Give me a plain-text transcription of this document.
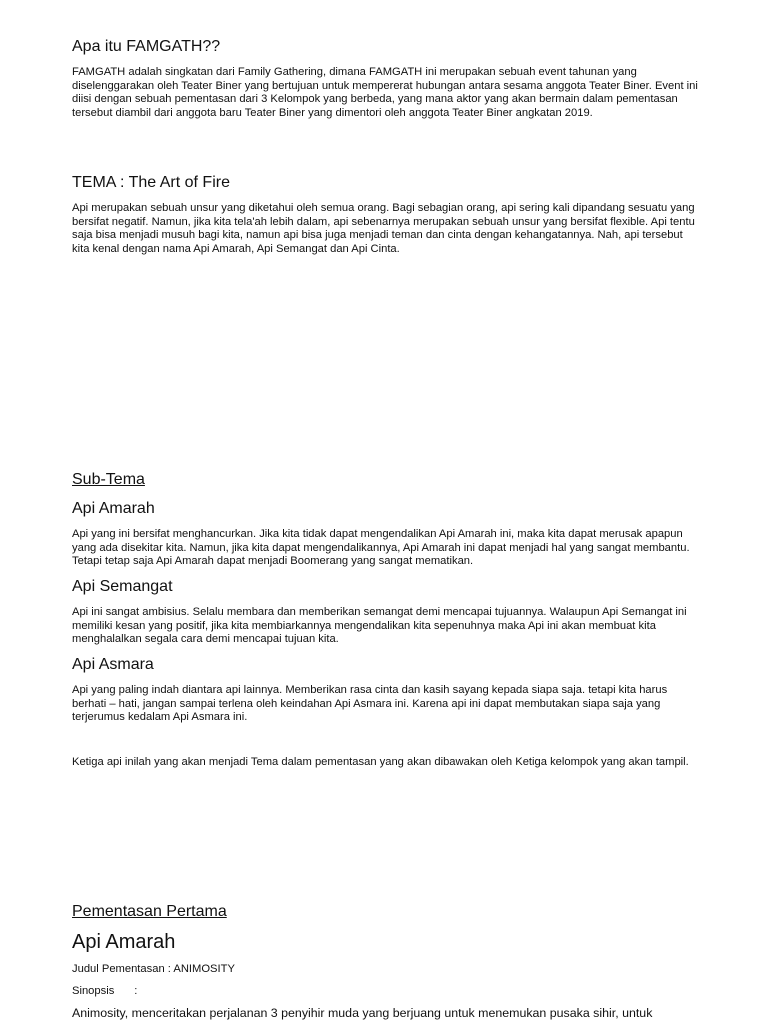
Apa itu FAMGATH??

FAMGATH adalah singkatan dari Family Gathering, dimana FAMGATH ini merupakan sebuah event tahunan yang diselenggarakan oleh Teater Biner yang bertujuan untuk mempererat hubungan antara sesama anggota Teater Biner. Event ini diisi dengan sebuah pementasan dari 3 Kelompok yang berbeda, yang mana aktor yang akan bermain dalam pementasan tersebut diambil dari anggota baru Teater Biner yang dimentori oleh anggota Teater Biner angkatan 2019.

TEMA : The Art of Fire

Api merupakan sebuah unsur yang diketahui oleh semua orang. Bagi sebagian orang, api sering kali dipandang sesuatu yang bersifat negatif. Namun, jika kita tela'ah lebih dalam, api sebenarnya merupakan sebuah unsur yang bersifat flexible. Api tentu saja bisa menjadi musuh bagi kita, namun api bisa juga menjadi teman dan cinta dengan kehangatannya. Nah, api tersebut kita kenal dengan nama Api Amarah, Api Semangat dan Api Cinta.

Sub-Tema
Api Amarah

Api yang ini bersifat menghancurkan. Jika kita tidak dapat mengendalikan Api Amarah ini, maka kita dapat merusak apapun yang ada disekitar kita. Namun, jika kita dapat mengendalikannya, Api Amarah ini dapat menjadi hal yang sangat membantu. Tetapi tetap saja Api Amarah dapat menjadi Boomerang yang sangat mematikan.

Api Semangat

Api ini sangat ambisius. Selalu membara dan memberikan semangat demi mencapai tujuannya. Walaupun Api Semangat ini memiliki kesan yang positif, jika kita membiarkannya mengendalikan kita sepenuhnya maka Api ini akan membuat kita menghalalkan segala cara demi mencapai tujuan kita.

Api Asmara

Api yang paling indah diantara api lainnya. Memberikan rasa cinta dan kasih sayang kepada siapa saja. tetapi kita harus berhati – hati, jangan sampai terlena oleh keindahan Api Asmara ini. Karena api ini dapat membutakan siapa saja yang terjerumus kedalam Api Asmara ini.

Ketiga api inilah yang akan menjadi Tema dalam pementasan yang akan dibawakan oleh Ketiga kelompok yang akan tampil.

Pementasan Pertama
Api Amarah

Judul Pementasan : ANIMOSITY

Sinopsis :

Animosity, menceritakan perjalanan 3 penyihir muda yang berjuang untuk menemukan pusaka sihir, untuk
